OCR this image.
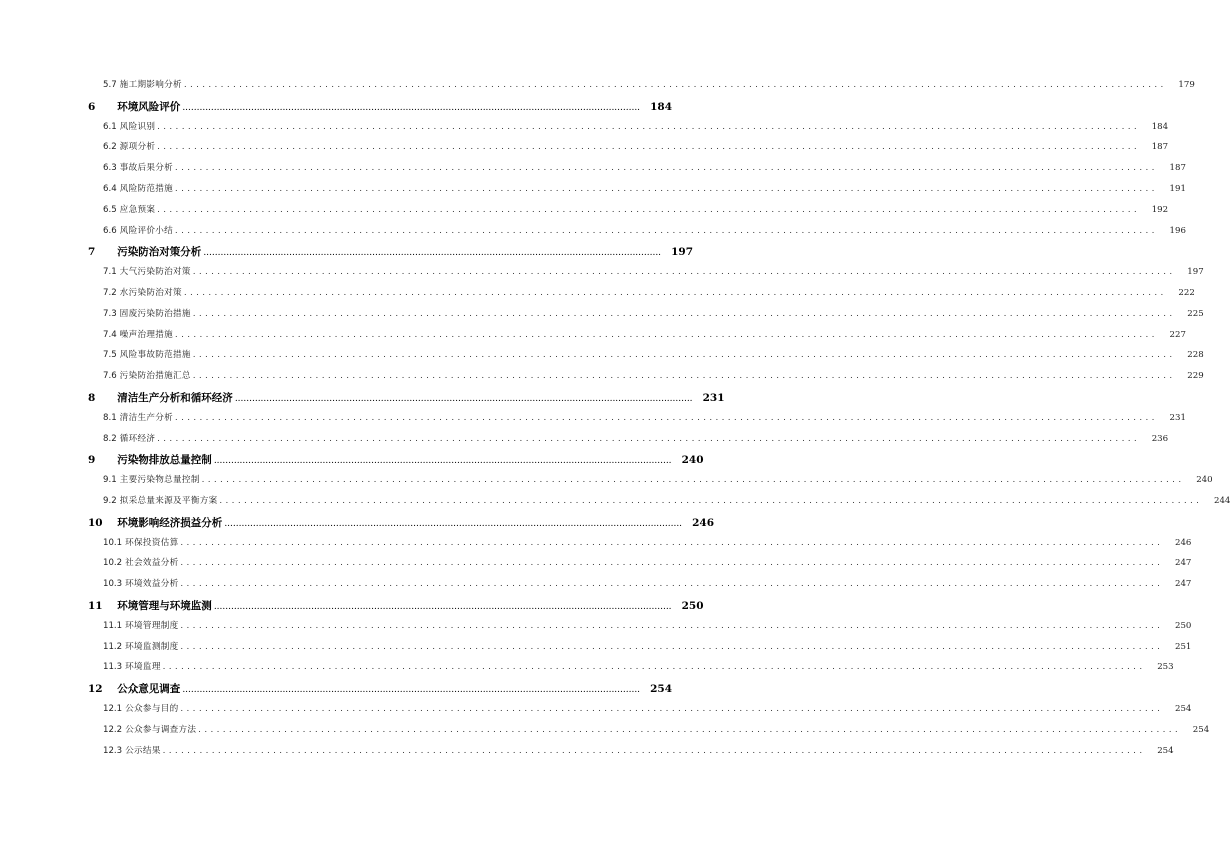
5.7 施工期影响分析 ................................................................................................................................................................	179
6	环境风险评价 ................................................................................................................................................................ 184
6.1 风险识别 ................................................................................................................................................................	184
6.2 源项分析 ................................................................................................................................................................	187
6.3 事故后果分析 ................................................................................................................................................................	187
6.4 风险防范措施 ................................................................................................................................................................	191
6.5 应急预案 ................................................................................................................................................................	192
6.6 风险评价小结 ................................................................................................................................................................	196
7	污染防治对策分析 ................................................................................................................................................................ 197
7.1 大气污染防治对策 ................................................................................................................................................................	197
7.2 水污染防治对策 ................................................................................................................................................................	222
7.3 固废污染防治措施 ................................................................................................................................................................	225
7.4 噪声治理措施 ................................................................................................................................................................	227
7.5 风险事故防范措施 ................................................................................................................................................................	228
7.6 污染防治措施汇总 ................................................................................................................................................................	229
8	清洁生产分析和循环经济 ................................................................................................................................................................ 231
8.1 清洁生产分析 ................................................................................................................................................................	231
8.2 循环经济 ................................................................................................................................................................	236
9	污染物排放总量控制 ................................................................................................................................................................ 240
9.1 主要污染物总量控制 ................................................................................................................................................................	240
9.2 拟采总量来源及平衡方案 ................................................................................................................................................................	244
10 环境影响经济损益分析 ................................................................................................................................................................ 246
10.1 环保投资估算 ................................................................................................................................................................	246
10.2 社会效益分析 ................................................................................................................................................................	247
10.3 环境效益分析 ................................................................................................................................................................	247
11 环境管理与环境监测 ................................................................................................................................................................ 250
11.1 环境管理制度 ................................................................................................................................................................	250
11.2 环境监测制度 ................................................................................................................................................................	251
11.3 环境监理 ................................................................................................................................................................	253
12 公众意见调查 ................................................................................................................................................................ 254
12.1 公众参与目的 ................................................................................................................................................................	254
12.2 公众参与调查方法 ................................................................................................................................................................	254
12.3 公示结果 ................................................................................................................................................................	254
